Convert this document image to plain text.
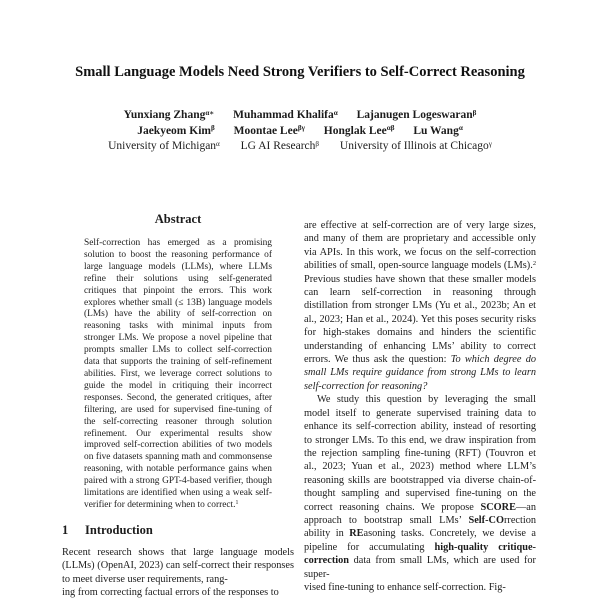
Small Language Models Need Strong Verifiers to Self-Correct Reasoning
Yunxiang Zhang$^{\alpha∗}$ Muhammad Khalifa$^\alpha$ Lajanugen Logeswaran$^\beta$
Jaekyeom Kim$^\beta$ Moontae Lee$^{\beta\gamma}$ Honglak Lee$^{\alpha\beta}$ Lu Wang$^\alpha$
University of Michigan$^\alpha$ LG AI Research$^\beta$ University of Illinois at Chicago$^\gamma$
Abstract

Self-correction has emerged as a promising solution to boost the reasoning performance of large language models (LLMs), where LLMs refine their solutions using self-generated critiques that pinpoint the errors. This work explores whether small (≤ 13B) language models (LMs) have the ability of self-correction on reasoning tasks with minimal inputs from stronger LMs. We propose a novel pipeline that prompts smaller LMs to collect self-correction data that supports the training of self-refinement abilities. First, we leverage correct solutions to guide the model in critiquing their incorrect responses. Second, the generated critiques, after filtering, are used for supervised fine-tuning of the self-correcting reasoner through solution refinement. Our experimental results show improved self-correction abilities of two models on five datasets spanning math and commonsense reasoning, with notable performance gains when paired with a strong GPT-4-based verifier, though limitations are identified when using a weak self-verifier for determining when to correct.$^1$

1	Introduction

Recent research shows that large language models (LLMs) (OpenAI, 2023) can self-correct their responses to meet diverse user requirements, rang-

ing from correcting factual errors of the responses to

are effective at self-correction are of very large sizes, and many of them are proprietary and accessible only via APIs. In this work, we focus on the self-correction abilities of small, open-source language models (LMs).$^2$ Previous studies have shown that these smaller models can learn self-correction in reasoning through distillation from stronger LMs (Yu et al., 2023b; An et al., 2023; Han et al., 2024). Yet this poses security risks for high-stakes domains and hinders the scientific understanding of enhancing LMs’ ability to correct errors. We thus ask the question: To which degree do small LMs require guidance from strong LMs to learn self-correction for reasoning?

We study this question by leveraging the small model itself to generate supervised training data to enhance its self-correction ability, instead of resorting to stronger LMs. To this end, we draw inspiration from the rejection sampling fine-tuning (RFT) (Touvron et al., 2023; Yuan et al., 2023) method where LLM’s reasoning skills are bootstrapped via diverse chain-of-thought sampling and supervised fine-tuning on the correct reasoning chains. We propose SCORE—an approach to bootstrap small LMs’ Self-COrrection ability in REasoning tasks. Concretely, we devise a pipeline for accumulating high-quality critique-correction data from small LMs, which are used for super-

vised fine-tuning to enhance self-correction. Fig-
